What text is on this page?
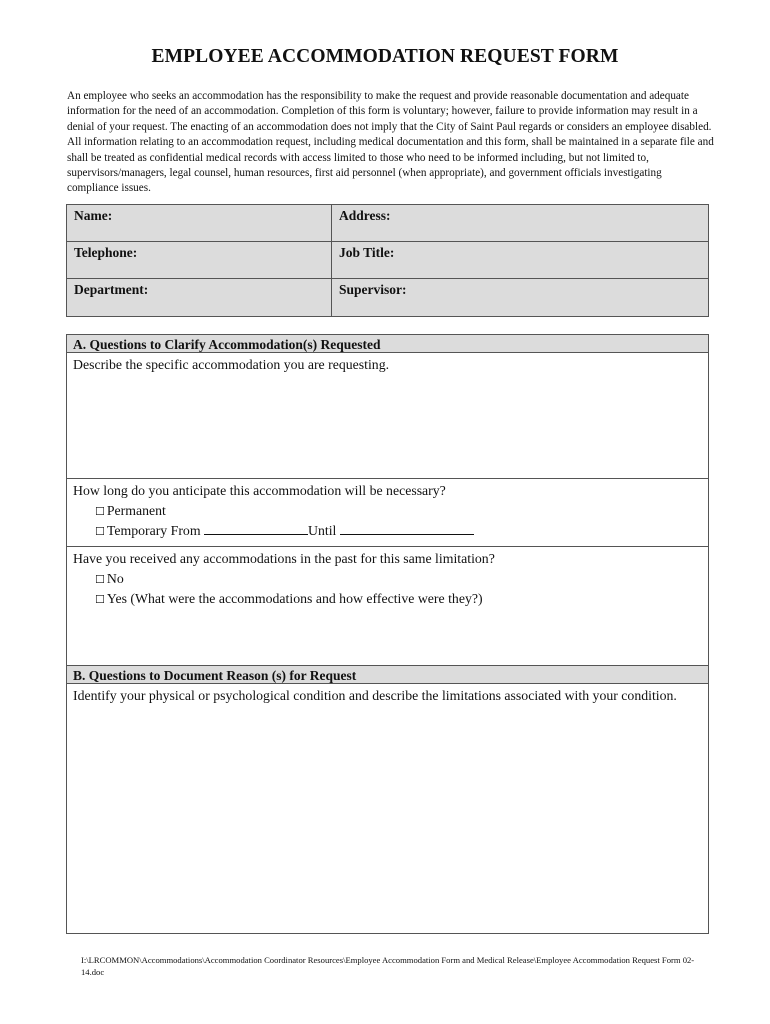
EMPLOYEE ACCOMMODATION REQUEST FORM
An employee who seeks an accommodation has the responsibility to make the request and provide reasonable documentation and adequate information for the need of an accommodation. Completion of this form is voluntary; however, failure to provide information may result in a denial of your request. The enacting of an accommodation does not imply that the City of Saint Paul regards or considers an employee disabled. All information relating to an accommodation request, including medical documentation and this form, shall be maintained in a separate file and shall be treated as confidential medical records with access limited to those who need to be informed including, but not limited to, supervisors/managers, legal counsel, human resources, first aid personnel (when appropriate), and government officials investigating compliance issues.
Name:	Address:
Telephone:	Job Title:
Department:	Supervisor:
A. Questions to Clarify Accommodation(s) Requested
Describe the specific accommodation you are requesting.
How long do you anticipate this accommodation will be necessary?
☐ Permanent
☐ Temporary From	Until
Have you received any accommodations in the past for this same limitation?
☐ No
☐ Yes (What were the accommodations and how effective were they?)
B. Questions to Document Reason (s) for Request
Identify your physical or psychological condition and describe the limitations associated with your condition.
I:\LRCOMMON\Accommodations\Accommodation Coordinator Resources\Employee Accommodation Form and Medical Release\Employee Accommodation Request Form 02-14.doc
